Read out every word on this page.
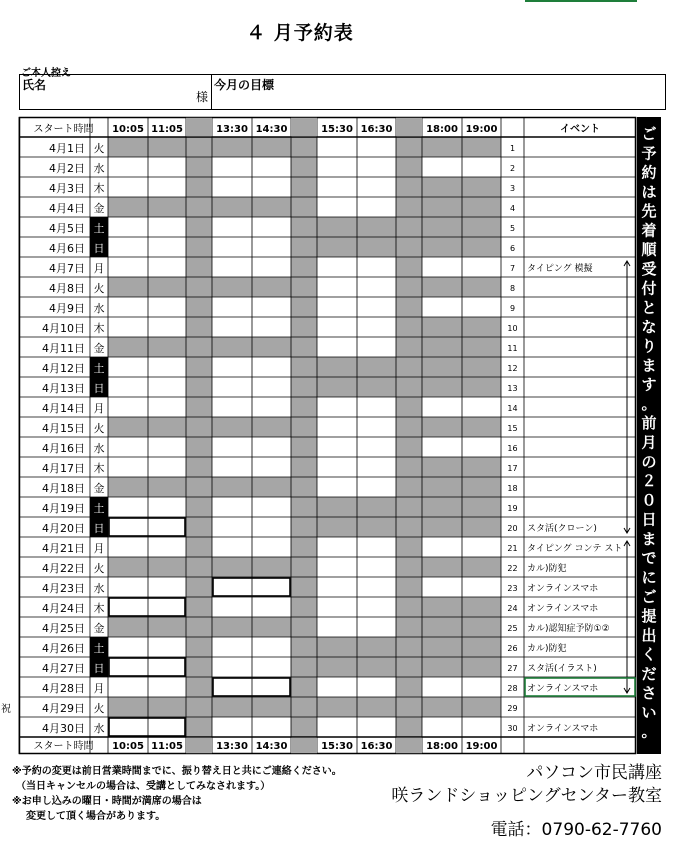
４ 月予約表
ご本人控え
氏名
様
今月の目標
4月1日 火	1
4月2日 水	2
4月3日 木	3
4月4日 金	4
4月5日 土	5
4月6日 日	6
4月7日 月	7 タイピング 模擬
4月8日 火	8
4月9日 水	9
4月10日 木	10
4月11日 金	11
4月12日 土	12
4月13日 日	13
4月14日 月	14
4月15日 火	15
4月16日 水	16
4月17日 木	17
4月18日 金	18
4月19日 土	19
4月20日 日	20 スタ活(クローン)
4月21日 月	21 タイピング コンテ スト
4月22日 火	22 カル)防犯
4月23日 水	23 オンラインスマホ
4月24日 木	24 オンラインスマホ
4月25日 金	25 カル)認知症予防①②
4月26日 土	26 カル)防犯
4月27日 日	27 スタ活(イラスト)
4月28日 月	28 オンラインスマホ
4月29日 火	29
4月30日 水	30 オンラインスマホ
スタート時間 10:05 11:05	13:30 14:30	15:30 16:30	18:00 19:00	イベント
スタート時間 10:05 11:05	13:30 14:30	15:30 16:30	18:00 19:00
ご
予
約
は
先
着
順
受
付
と
な
り
ま
す
。
前
月
の
２
０
日
ま
で
に
ご
提
出
く
だ
さ
い
。
祝
※予約の変更は前日営業時間までに、振り替え日と共にご連絡ください。
（当日キャンセルの場合は、受講としてみなされます。）
※お申し込みの曜日・時間が満席の場合は
変更して頂く場合があります。
パソコン市民講座
咲ランドショッピングセンター教室
電話：0790-62-7760
